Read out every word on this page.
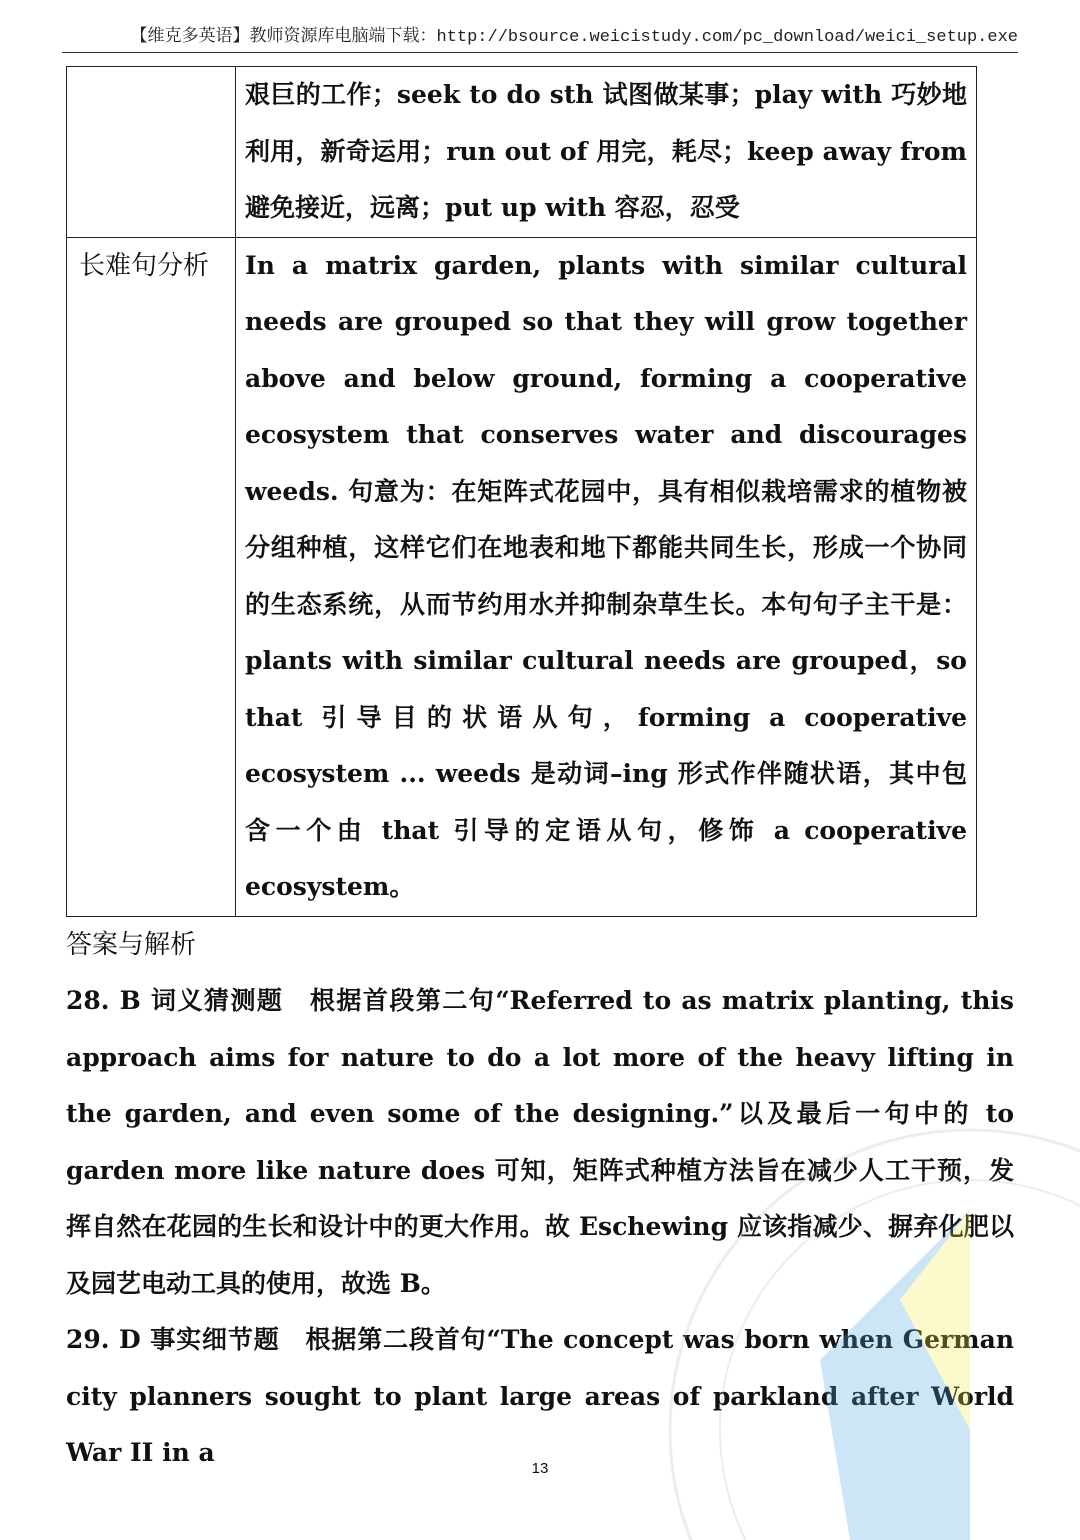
【维克多英语】教师资源库电脑端下载：http://bsource.weicistudy.com/pc_download/weici_setup.exe

	艰巨的工作；seek to do sth 试图做某事；play with 巧妙地利用，新奇运用；run out of 用完，耗尽；keep away from 避免接近，远离；put up with 容忍，忍受

长难句分析	In a matrix garden, plants with similar cultural needs are grouped so that they will grow together above and below ground, forming a cooperative ecosystem that conserves water and discourages weeds. 句意为：在矩阵式花园中，具有相似栽培需求的植物被分组种植，这样它们在地表和地下都能共同生长，形成一个协同的生态系统，从而节约用水并抑制杂草生长。本句句子主干是：plants with similar cultural needs are grouped，so that 引导目的状语从句，forming a cooperative ecosystem ... weeds 是动词–ing 形式作伴随状语，其中包含一个由 that 引导的定语从句，修饰 a cooperative ecosystem。
答案与解析
28. B 词义猜测题　根据首段第二句“Referred to as matrix planting, this approach aims for nature to do a lot more of the heavy lifting in the garden, and even some of the designing.”以及最后一句中的 to garden more like nature does 可知，矩阵式种植方法旨在减少人工干预，发挥自然在花园的生长和设计中的更大作用。故 Eschewing 应该指减少、摒弃化肥以及园艺电动工具的使用，故选 B。
29. D 事实细节题　根据第二段首句“The concept was born when German city planners sought to plant large areas of parkland after World War II in a
13
